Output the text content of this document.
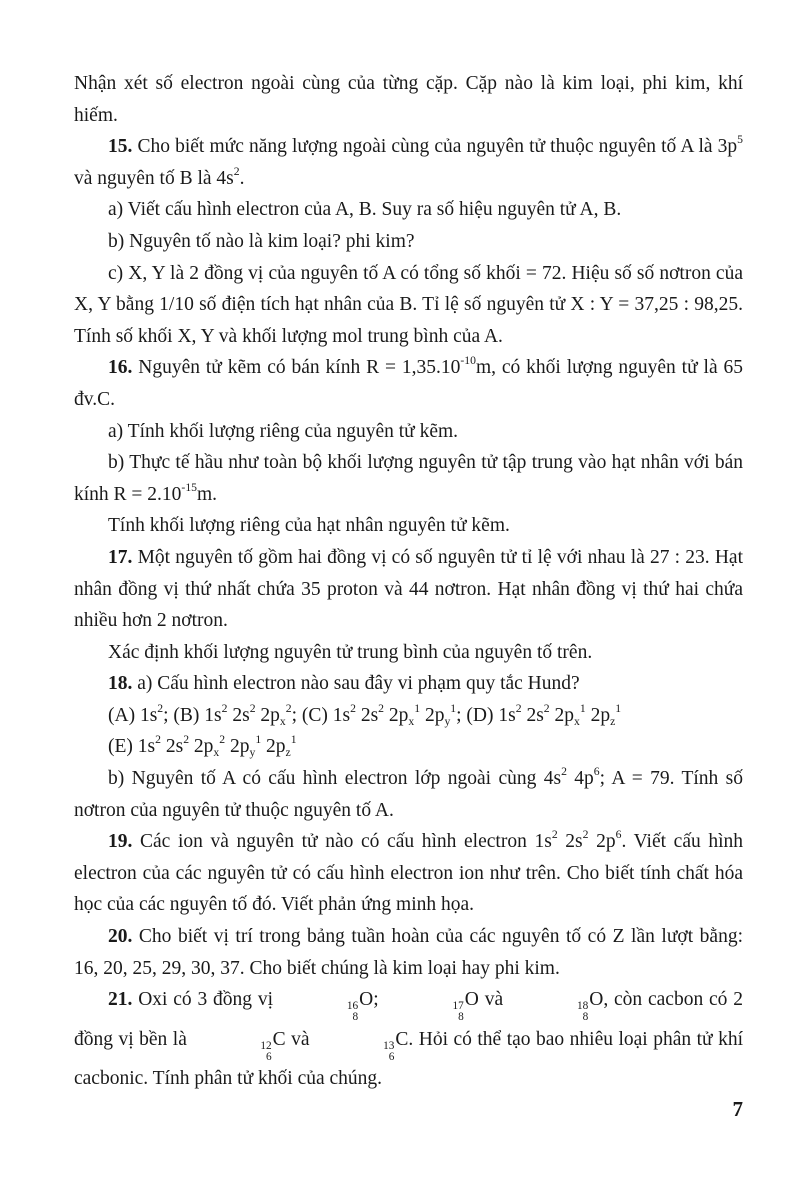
Nhận xét số electron ngoài cùng của từng cặp. Cặp nào là kim loại, phi kim, khí hiếm.

15. Cho biết mức năng lượng ngoài cùng của nguyên tử thuộc nguyên tố A là $3p^5$ và nguyên tố B là $4s^2$.

a) Viết cấu hình electron của A, B. Suy ra số hiệu nguyên tử A, B.

b) Nguyên tố nào là kim loại? phi kim?

c) X, Y là 2 đồng vị của nguyên tố A có tổng số khối = 72. Hiệu số số nơtron của X, Y bằng 1/10 số điện tích hạt nhân của B. Tỉ lệ số nguyên tử X : Y = 37,25 : 98,25. Tính số khối X, Y và khối lượng mol trung bình của A.

16. Nguyên tử kẽm có bán kính $R = 1,35.10^{-10}m$, có khối lượng nguyên tử là 65 đv.C.

a) Tính khối lượng riêng của nguyên tử kẽm.

b) Thực tế hầu như toàn bộ khối lượng nguyên tử tập trung vào hạt nhân với bán kính $R = 2.10^{-15}m$.

Tính khối lượng riêng của hạt nhân nguyên tử kẽm.

17. Một nguyên tố gồm hai đồng vị có số nguyên tử tỉ lệ với nhau là 27 : 23. Hạt nhân đồng vị thứ nhất chứa 35 proton và 44 nơtron. Hạt nhân đồng vị thứ hai chứa nhiều hơn 2 nơtron.

Xác định khối lượng nguyên tử trung bình của nguyên tố trên.

18. a) Cấu hình electron nào sau đây vi phạm quy tắc Hund?

(A) $1s^2$; (B) $1s^2$ $2s^2$ $2p_x^2$; (C) $1s^2$ $2s^2$ $2p_x^1$ $2p_y^1$; (D) $1s^2$ $2s^2$ $2p_x^1$ $2p_z^1$

(E) $1s^2$ $2s^2$ $2p_x^2$ $2p_y^1$ $2p_z^1$

b) Nguyên tố A có cấu hình electron lớp ngoài cùng $4s^2$ $4p^6$; A = 79. Tính số nơtron của nguyên tử thuộc nguyên tố A.

19. Các ion và nguyên tử nào có cấu hình electron $1s^2$ $2s^2$ $2p^6$. Viết cấu hình electron của các nguyên tử có cấu hình electron ion như trên. Cho biết tính chất hóa học của các nguyên tố đó. Viết phản ứng minh họa.

20. Cho biết vị trí trong bảng tuần hoàn của các nguyên tố có Z lần lượt bằng: 16, 20, 25, 29, 30, 37. Cho biết chúng là kim loại hay phi kim.

21. Oxi có 3 đồng vị	16
8
O;	17
8
O và	18
8
O, còn cacbon có 2 đồng vị bền là	12
6
C và	13
6
C. Hỏi có thể tạo bao nhiêu loại phân tử khí cacbonic. Tính phân tử khối của chúng.

7
